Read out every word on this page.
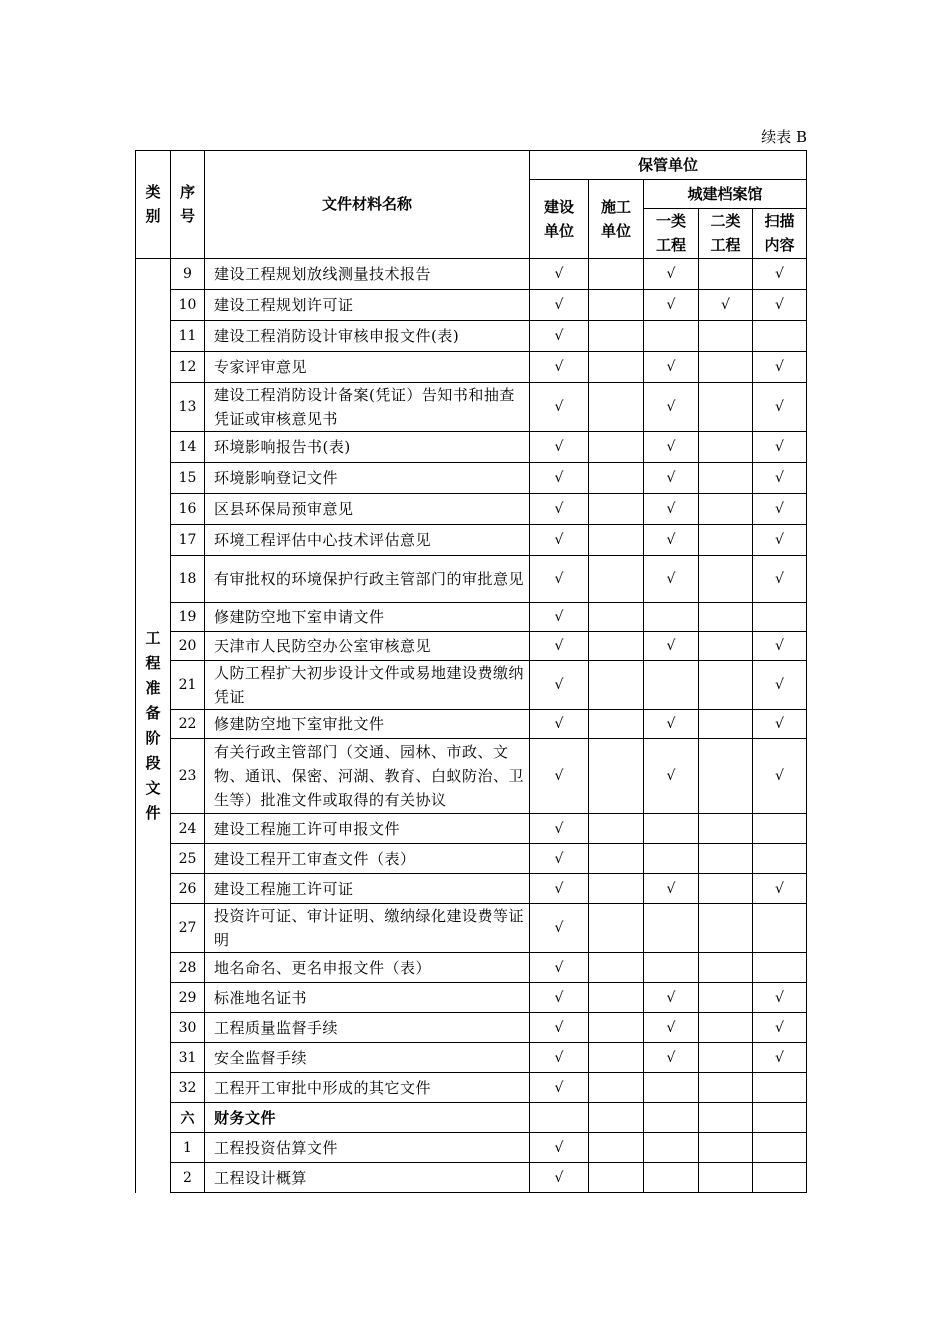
续表 B
类别	序号	文件材料名称	保管单位				
			建设单位	施工单位	城建档案馆		
					一类工程	二类工程	扫描内容
工程准备阶段文件	9	建设工程规划放线测量技术报告	√		√		√
	10	建设工程规划许可证	√		√	√	√
	11	建设工程消防设计审核申报文件(表)	√				
	12	专家评审意见	√		√		√
	13	建设工程消防设计备案(凭证）告知书和抽查凭证或审核意见书	√		√		√
	14	环境影响报告书(表)	√		√		√
	15	环境影响登记文件	√		√		√
	16	区县环保局预审意见	√		√		√
	17	环境工程评估中心技术评估意见	√		√		√
	18	有审批权的环境保护行政主管部门的审批意见	√		√		√
	19	修建防空地下室申请文件	√				
	20	天津市人民防空办公室审核意见	√		√		√
	21	人防工程扩大初步设计文件或易地建设费缴纳凭证	√				√
	22	修建防空地下室审批文件	√		√		√
	23	有关行政主管部门（交通、园林、市政、文物、通讯、保密、河湖、教育、白蚁防治、卫生等）批准文件或取得的有关协议	√		√		√
	24	建设工程施工许可申报文件	√				
	25	建设工程开工审查文件（表）	√				
	26	建设工程施工许可证	√		√		√
	27	投资许可证、审计证明、缴纳绿化建设费等证明	√				
	28	地名命名、更名申报文件（表）	√				
	29	标准地名证书	√		√		√
	30	工程质量监督手续	√		√		√
	31	安全监督手续	√		√		√
	32	工程开工审批中形成的其它文件	√				
	六	财务文件					
	1	工程投资估算文件	√				
	2	工程设计概算	√				
